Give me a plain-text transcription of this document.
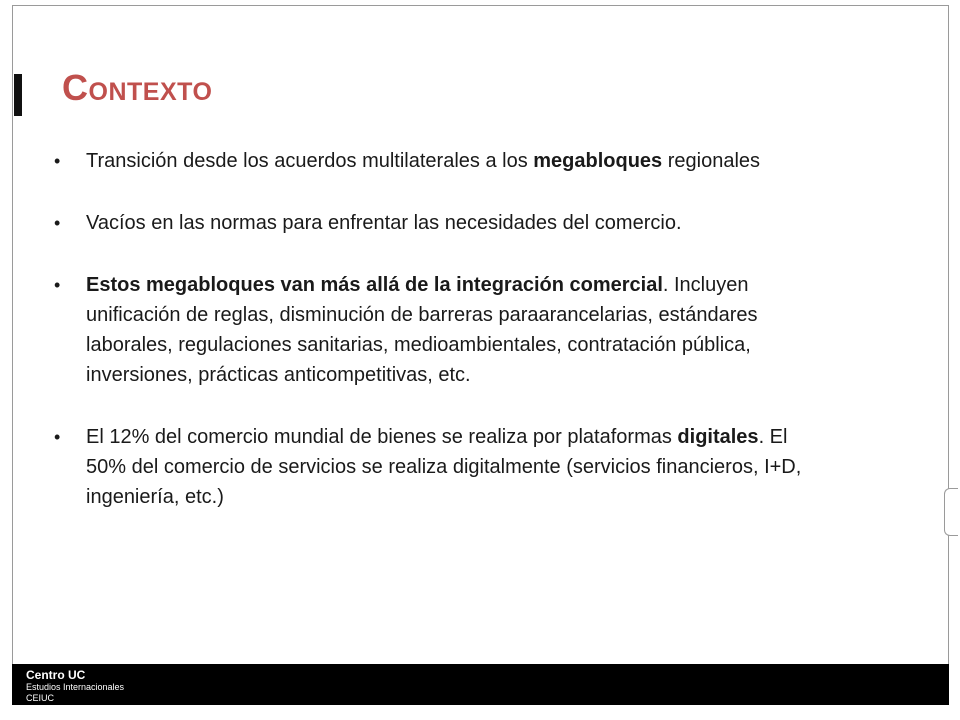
Contexto
• Transición desde los acuerdos multilaterales a los megabloques regionales
• Vacíos en las normas para enfrentar las necesidades del comercio.
• Estos megabloques van más allá de la integración comercial. Incluyen unificación de reglas, disminución de barreras paraarancelarias, estándares laborales, regulaciones sanitarias, medioambientales, contratación pública, inversiones, prácticas anticompetitivas, etc.
• El 12% del comercio mundial de bienes se realiza por plataformas digitales. El 50% del comercio de servicios se realiza digitalmente (servicios financieros, I+D, ingeniería, etc.)
Centro UC
Estudios Internacionales
CEIUC
